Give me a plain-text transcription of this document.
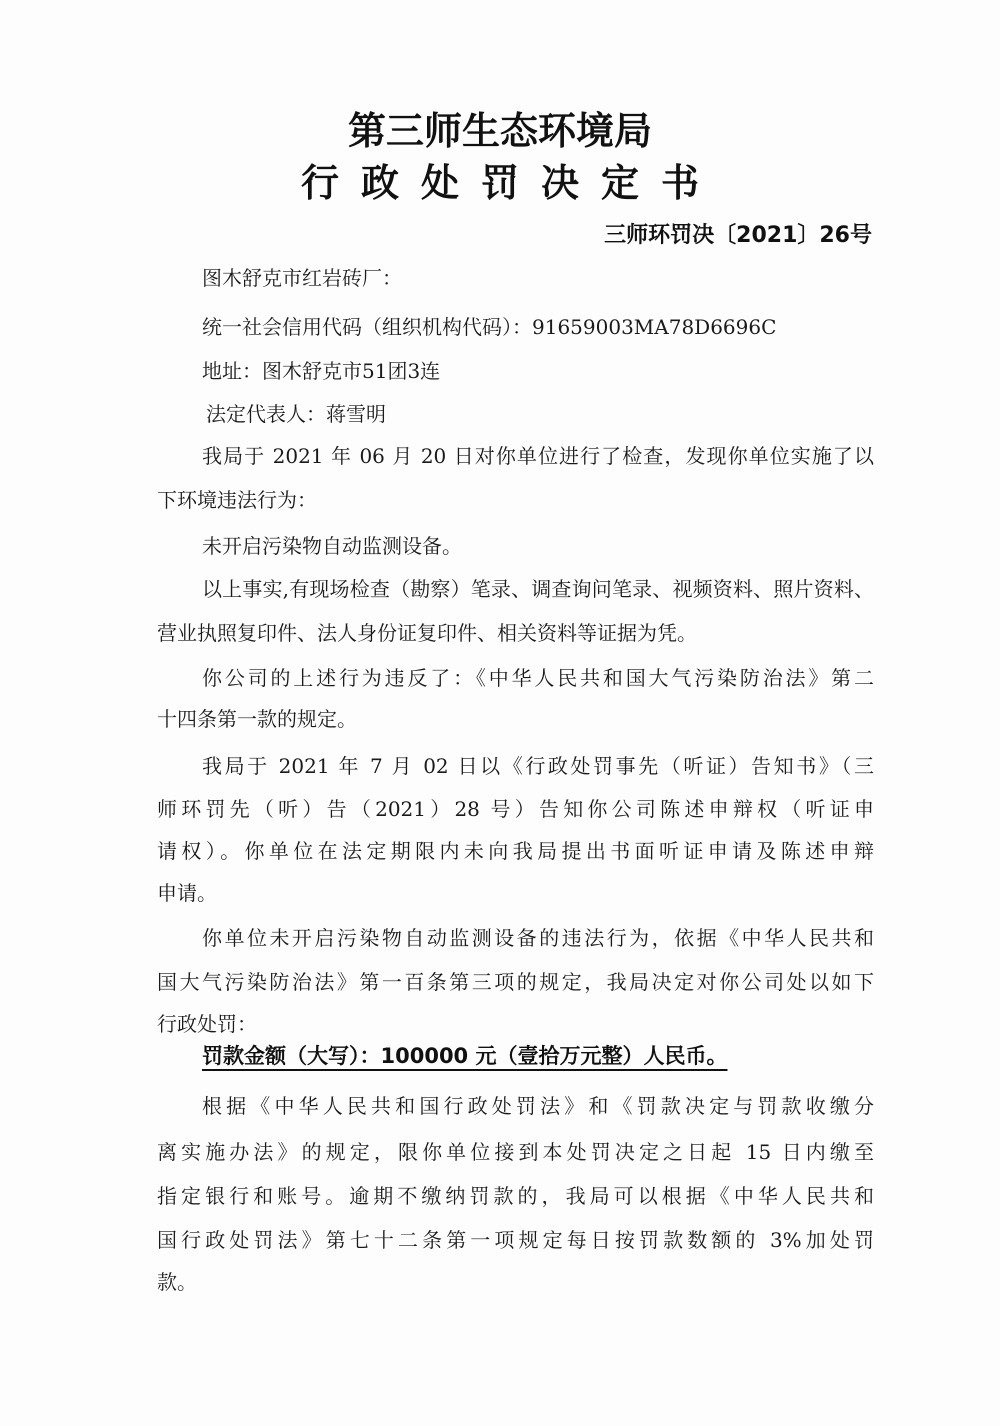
第三师生态环境局
行政处罚决定书
三师环罚决〔2021〕26号
图木舒克市红岩砖厂：
统一社会信用代码（组织机构代码）：91659003MA78D6696C
地址：图木舒克市51团3连
法定代表人：蒋雪明
我局于 2021 年 06 月 20 日对你单位进行了检查，发现你单位实施了以
下环境违法行为：
未开启污染物自动监测设备。
以上事实,有现场检查（勘察）笔录、调查询问笔录、视频资料、照片资料、
营业执照复印件、法人身份证复印件、相关资料等证据为凭。
你公司的上述行为违反了：《中华人民共和国大气污染防治法》第二
十四条第一款的规定。
我局于 2021 年 7 月 02 日以《行政处罚事先（听证）告知书》（三
师环罚先（听）告（2021）28 号）告知你公司陈述申辩权（听证申
请权）。你单位在法定期限内未向我局提出书面听证申请及陈述申辩
申请。
你单位未开启污染物自动监测设备的违法行为，依据《中华人民共和
国大气污染防治法》第一百条第三项的规定，我局决定对你公司处以如下
行政处罚：
罚款金额（大写）：100000 元（壹拾万元整）人民币。
根据《中华人民共和国行政处罚法》和《罚款决定与罚款收缴分
离实施办法》的规定，限你单位接到本处罚决定之日起 15 日内缴至
指定银行和账号。逾期不缴纳罚款的，我局可以根据《中华人民共和
国行政处罚法》第七十二条第一项规定每日按罚款数额的 3%加处罚
款。
